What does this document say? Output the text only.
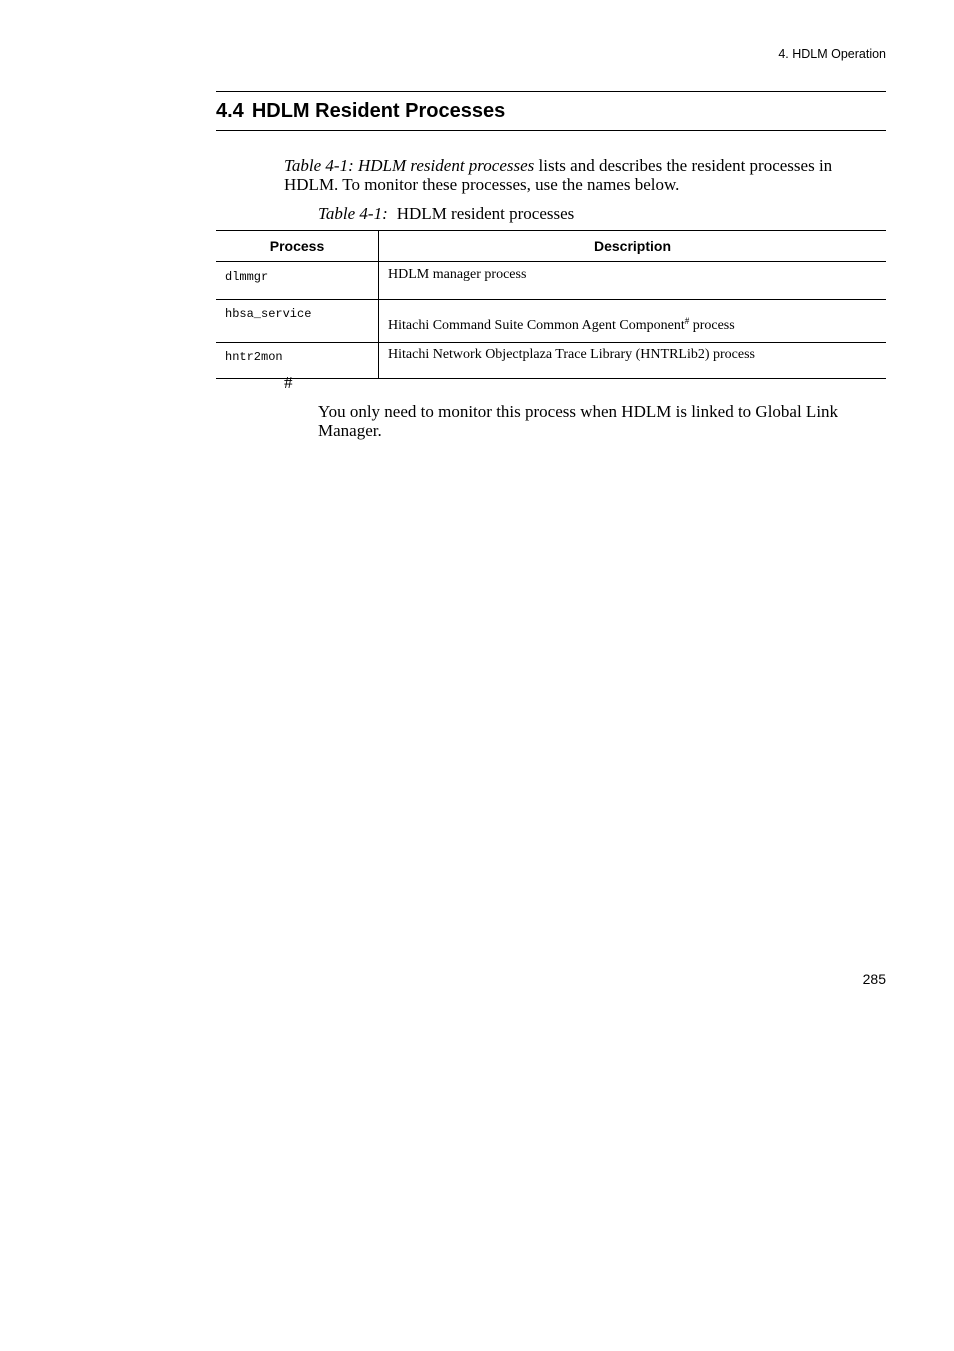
4. HDLM Operation
4.4 HDLM Resident Processes

Table 4-1: HDLM resident processes lists and describes the resident processes in HDLM. To monitor these processes, use the names below.

Table 4-1: HDLM resident processes
Process	Description
dlmmgr	HDLM manager process
hbsa_service	Hitachi Command Suite Common Agent Component# process
hntr2mon	Hitachi Network Objectplaza Trace Library (HNTRLib2) process
#

You only need to monitor this process when HDLM is linked to Global Link Manager.

285
